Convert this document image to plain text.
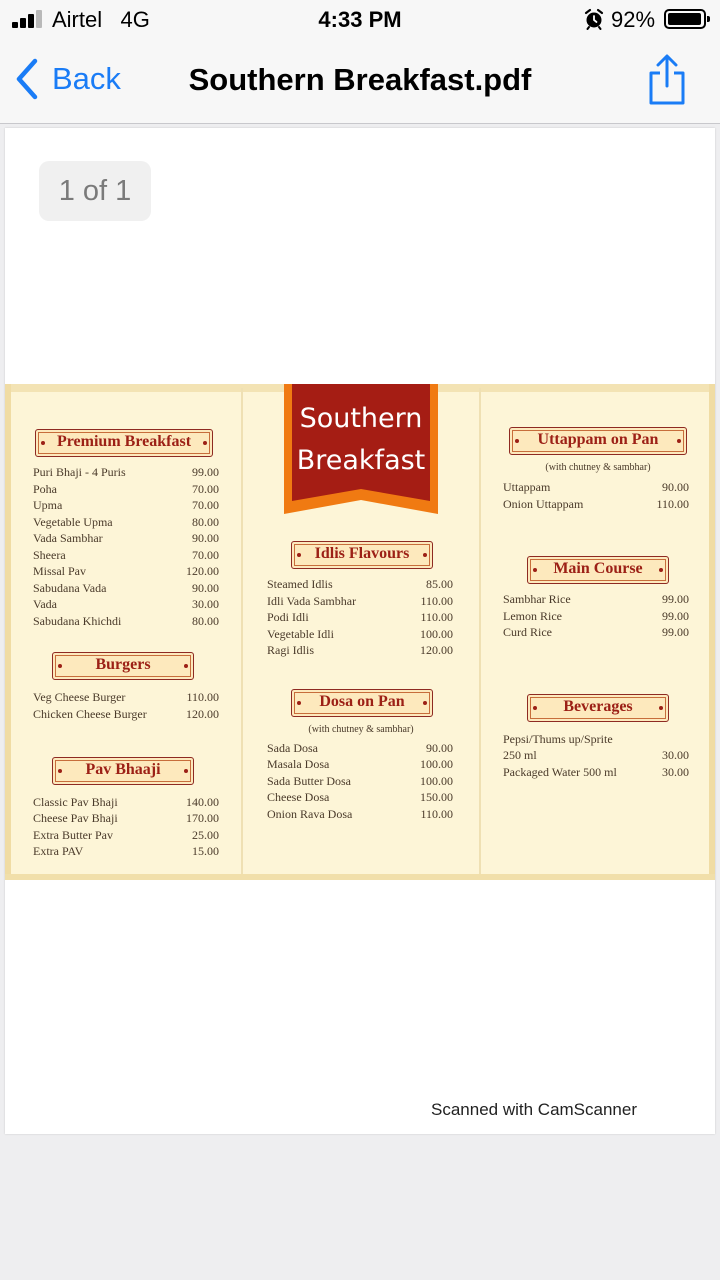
Airtel 4G	4:33 PM	92%
Back	Southern Breakfast.pdf
1 of 1
Southern
Breakfast
Premium Breakfast
Puri Bhaji - 4 Puris	99.00
Poha	70.00
Upma	70.00
Vegetable Upma	80.00
Vada Sambhar	90.00
Sheera	70.00
Missal Pav	120.00
Sabudana Vada	90.00
Vada	30.00
Sabudana Khichdi	80.00
Burgers
Veg Cheese Burger	110.00
Chicken Cheese Burger	120.00
Pav Bhaaji
Classic Pav Bhaji	140.00
Cheese Pav Bhaji	170.00
Extra Butter Pav	25.00
Extra PAV	15.00
Idlis Flavours
Steamed Idlis	85.00
Idli Vada Sambhar	110.00
Podi Idli	110.00
Vegetable Idli	100.00
Ragi Idlis	120.00
Dosa on Pan
(with chutney & sambhar)
Sada Dosa	90.00
Masala Dosa	100.00
Sada Butter Dosa	100.00
Cheese Dosa	150.00
Onion Rava Dosa	110.00
Uttappam on Pan
(with chutney & sambhar)
Uttappam	90.00
Onion Uttappam	110.00
Main Course
Sambhar Rice	99.00
Lemon Rice	99.00
Curd Rice	99.00
Beverages
Pepsi/Thums up/Sprite
250 ml	30.00
Packaged Water 500 ml	30.00
Scanned with CamScanner
